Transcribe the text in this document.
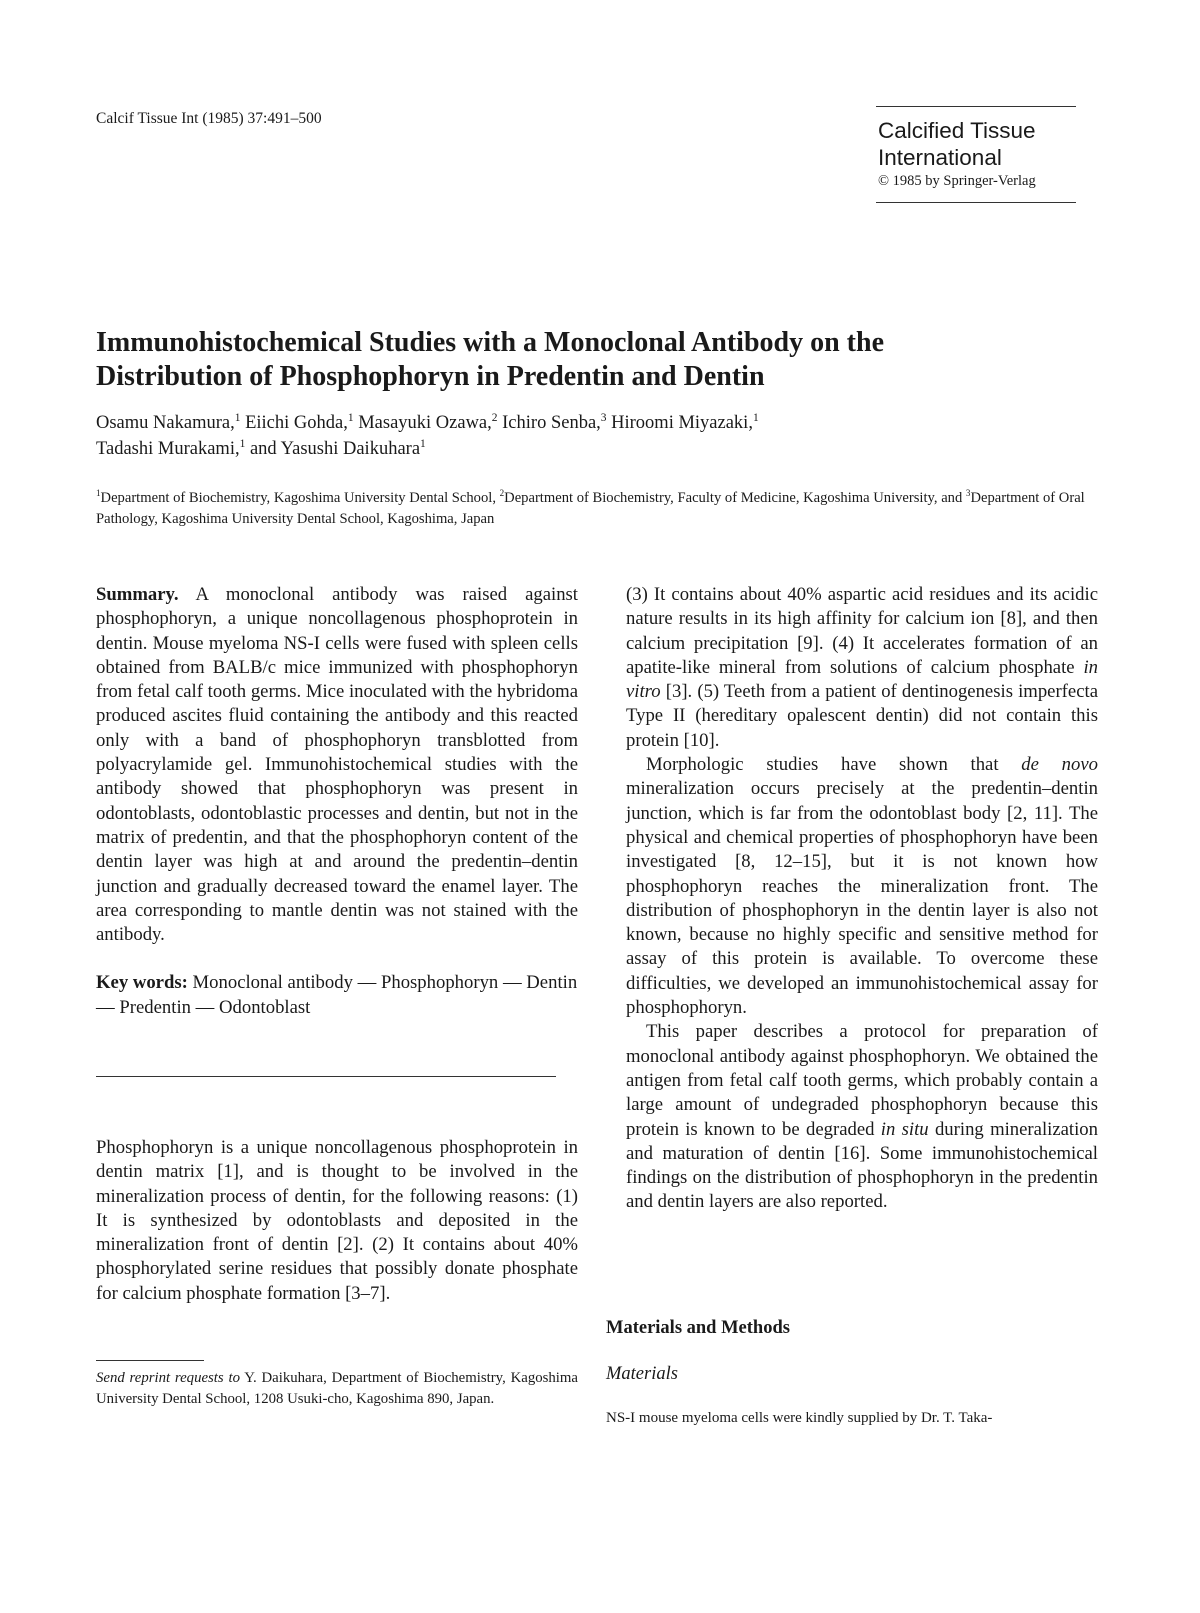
Calcif Tissue Int (1985) 37:491–500	Calcified Tissue

International

© 1985 by Springer-Verlag
Immunohistochemical Studies with a Monoclonal Antibody on the
Distribution of Phosphophoryn in Predentin and Dentin
Osamu Nakamura,$^1$ Eiichi Gohda,$^1$ Masayuki Ozawa,$^2$ Ichiro Senba,$^3$ Hiroomi Miyazaki,$^1$
Tadashi Murakami,$^1$ and Yasushi Daikuhara$^1$
$^1$Department of Biochemistry, Kagoshima University Dental School, $^2$Department of Biochemistry, Faculty of Medicine, Kagoshima University, and $^3$Department of Oral Pathology, Kagoshima University Dental School, Kagoshima, Japan

Summary. A monoclonal antibody was raised against phosphophoryn, a unique noncollagenous phosphoprotein in dentin. Mouse myeloma NS-I cells were fused with spleen cells obtained from BALB/c mice immunized with phosphophoryn from fetal calf tooth germs. Mice inoculated with the hybridoma produced ascites fluid containing the antibody and this reacted only with a band of phosphophoryn transblotted from polyacrylamide gel. Immunohistochemical studies with the antibody showed that phosphophoryn was present in odontoblasts, odontoblastic processes and dentin, but not in the matrix of predentin, and that the phosphophoryn content of the dentin layer was high at and around the predentin–dentin junction and gradually decreased toward the enamel layer. The area corresponding to mantle dentin was not stained with the antibody.

Key words: Monoclonal antibody — Phosphophoryn — Dentin — Predentin — Odontoblast

Phosphophoryn is a unique noncollagenous phosphoprotein in dentin matrix [1], and is thought to be involved in the mineralization process of dentin, for the following reasons: (1) It is synthesized by odontoblasts and deposited in the mineralization front of dentin [2]. (2) It contains about 40% phosphorylated serine residues that possibly donate phosphate for calcium phosphate formation [3–7].

Send reprint requests to Y. Daikuhara, Department of Biochemistry, Kagoshima University Dental School, 1208 Usuki-cho, Kagoshima 890, Japan.

(3) It contains about 40% aspartic acid residues and its acidic nature results in its high affinity for calcium ion [8], and then calcium precipitation [9]. (4) It accelerates formation of an apatite-like mineral from solutions of calcium phosphate in vitro [3]. (5) Teeth from a patient of dentinogenesis imperfecta Type II (hereditary opalescent dentin) did not contain this protein [10].

Morphologic studies have shown that de novo mineralization occurs precisely at the predentin–dentin junction, which is far from the odontoblast body [2, 11]. The physical and chemical properties of phosphophoryn have been investigated [8, 12–15], but it is not known how phosphophoryn reaches the mineralization front. The distribution of phosphophoryn in the dentin layer is also not known, because no highly specific and sensitive method for assay of this protein is available. To overcome these difficulties, we developed an immunohistochemical assay for phosphophoryn.

This paper describes a protocol for preparation of monoclonal antibody against phosphophoryn. We obtained the antigen from fetal calf tooth germs, which probably contain a large amount of undegraded phosphophoryn because this protein is known to be degraded in situ during mineralization and maturation of dentin [16]. Some immunohistochemical findings on the distribution of phosphophoryn in the predentin and dentin layers are also reported.

Materials and Methods
Materials
NS-I mouse myeloma cells were kindly supplied by Dr. T. Taka-
